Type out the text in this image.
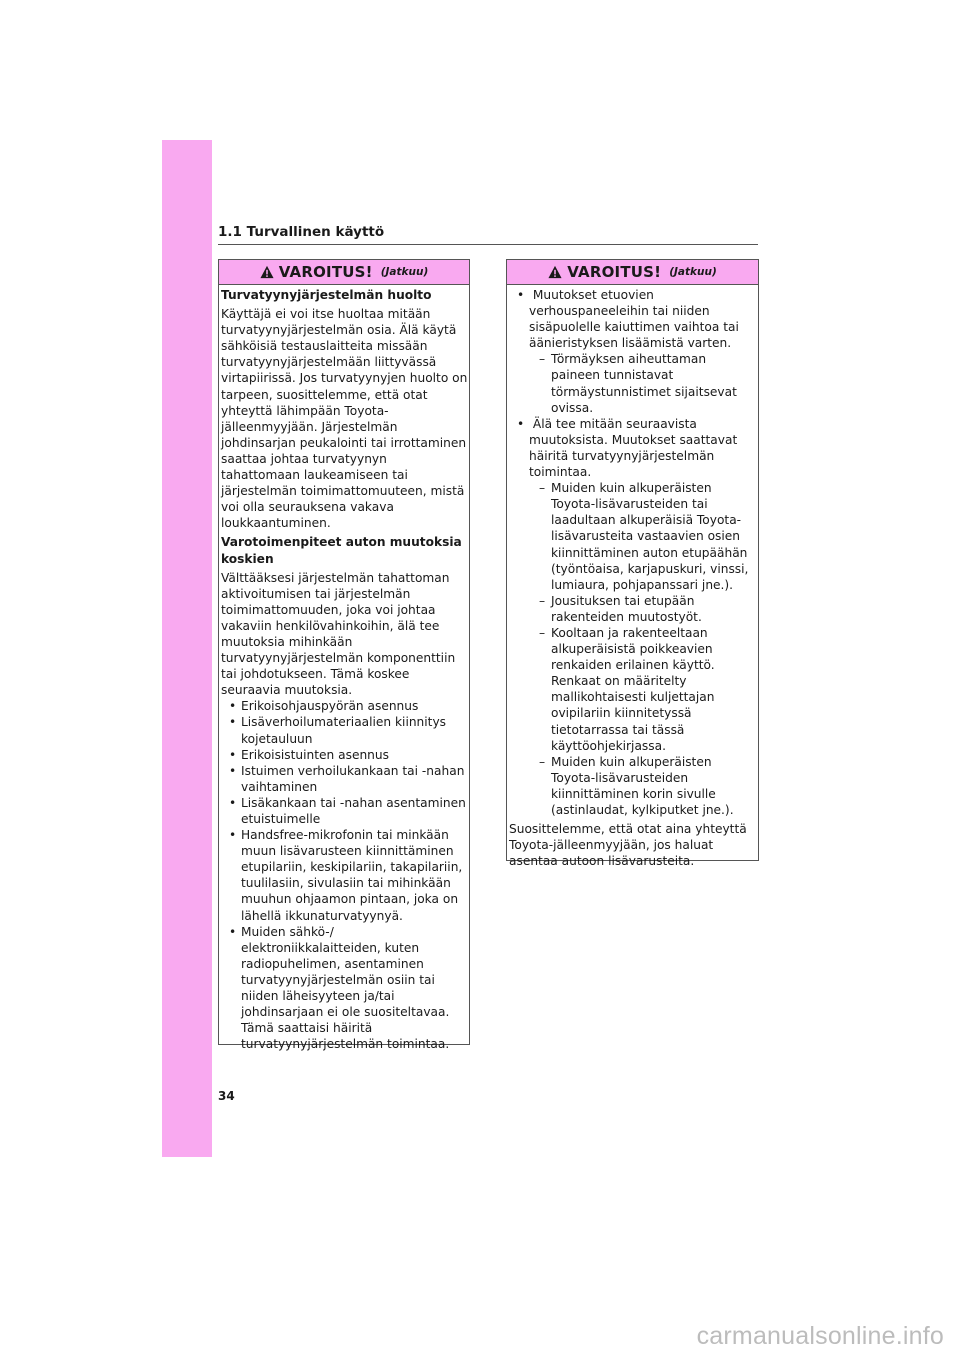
1.1 Turvallinen käyttö
VAROITUS! (Jatkuu)

Turvatyynyjärjestelmän huolto

Käyttäjä ei voi itse huoltaa mitään turvatyynyjärjestelmän osia. Älä käytä sähköisiä testauslaitteita missään turvatyynyjärjestelmään liittyvässä virtapiirissä. Jos turvatyynyjen huolto on tarpeen, suosittelemme, että otat yhteyttä lähimpään Toyota-jälleenmyyjään. Järjestelmän johdinsarjan peukalointi tai irrottaminen saattaa johtaa turvatyynyn tahattomaan laukeamiseen tai järjestelmän toimimattomuuteen, mistä voi olla seurauksena vakava loukkaantuminen.

Varotoimenpiteet auton muutoksia koskien

Välttääksesi järjestelmän tahattoman aktivoitumisen tai järjestelmän toimimattomuuden, joka voi johtaa vakaviin henkilövahinkoihin, älä tee muutoksia mihinkään turvatyynyjärjestelmän komponenttiin tai johdotukseen. Tämä koskee seuraavia muutoksia.

• Erikoisohjauspyörän asennus
• Lisäverhoilumateriaalien kiinnitys kojetauluun
• Erikoisistuinten asennus
• Istuimen verhoilukankaan tai -nahan vaihtaminen
• Lisäkankaan tai -nahan asentaminen etuistuimelle
• Handsfree-mikrofonin tai minkään muun lisävarusteen kiinnittäminen etupilariin, keskipilariin, takapilariin, tuulilasiin, sivulasiin tai mihinkään muuhun ohjaamon pintaan, joka on lähellä ikkunaturvatyynyä.
• Muiden sähkö-/ elektroniikkalaitteiden, kuten radiopuhelimen, asentaminen turvatyynyjärjestelmän osiin tai niiden läheisyyteen ja/tai johdinsarjaan ei ole suositeltavaa. Tämä saattaisi häiritä turvatyynyjärjestelmän toimintaa.
VAROITUS! (Jatkuu)
• Muutokset etuovien verhouspaneeleihin tai niiden sisäpuolelle kaiuttimen vaihtoa tai äänieristyksen lisäämistä varten.
– Törmäyksen aiheuttaman paineen tunnistavat törmäystunnistimet sijaitsevat ovissa.
• Älä tee mitään seuraavista muutoksista. Muutokset saattavat häiritä turvatyynyjärjestelmän toimintaa.
– Muiden kuin alkuperäisten Toyota-lisävarusteiden tai laadultaan alkuperäisiä Toyota-lisävarusteita vastaavien osien kiinnittäminen auton etupäähän (työntöaisa, karjapuskuri, vinssi, lumiaura, pohjapanssari jne.).
– Jousituksen tai etupään rakenteiden muutostyöt.
– Kooltaan ja rakenteeltaan alkuperäisistä poikkeavien renkaiden erilainen käyttö. Renkaat on määritelty mallikohtaisesti kuljettajan ovipilariin kiinnitetyssä tietotarrassa tai tässä käyttöohjekirjassa.
– Muiden kuin alkuperäisten Toyota-lisävarusteiden kiinnittäminen korin sivulle (astinlaudat, kylkiputket jne.).

Suosittelemme, että otat aina yhteyttä Toyota-jälleenmyyjään, jos haluat asentaa autoon lisävarusteita.

34
carmanualsonline.info
